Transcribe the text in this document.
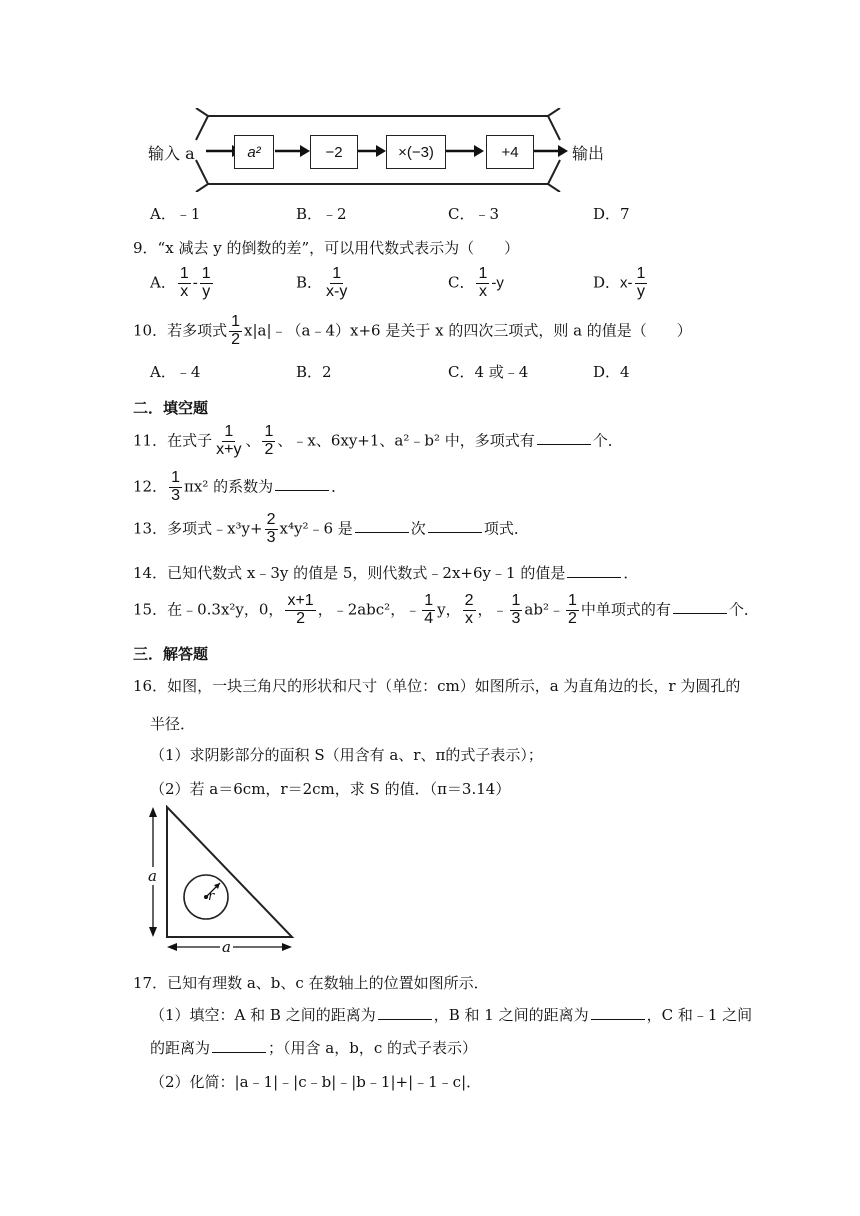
输入 a	a²	−2	×(−3)	+4	输出
A．﹣1	B．﹣2	C．﹣3	D．7
9．“x 减去 y 的倒数的差”，可以用代数式表示为（　　）
A． $\frac{1}{x} - \frac{1}{y}$	B． $\frac{1}{x-y}$	C． $\frac{1}{x} -y$	D．$x- \frac{1}{y}$
10．若多项式 $\frac{1}{2}$ x|a|﹣（a﹣4）x+6 是关于 x 的四次三项式，则 a 的值是（　　）
A．﹣4	B．2	C．4 或﹣4	D．4
二．填空题
11．在式子 $\frac{1}{x+y}$ 、 $\frac{1}{2}$ 、﹣x、6xy+1、a²﹣b² 中，多项式有	个．
12． $\frac{1}{3} \pi x^2$ 的系数为	．
13．多项式﹣x³y+ $\frac{2}{3}$ x⁴y²﹣6 是	次	项式．
14．已知代数式 x﹣3y 的值是 5，则代数式﹣2x+6y﹣1 的值是	．
15．在﹣0.3x²y，0， $\frac{x+1}{2}$ ，﹣2abc²，﹣ $\frac{1}{4}$ y， $\frac{2}{x}$ ，﹣ $\frac{1}{3}$ ab²﹣ $\frac{1}{2}$ 中单项式的有	个．
三．解答题
16．如图，一块三角尺的形状和尺寸（单位：cm）如图所示，a 为直角边的长，r 为圆孔的
半径．
（1）求阴影部分的面积 S（用含有 a、r、π的式子表示）；
（2）若 a＝6cm，r＝2cm，求 S 的值．（π＝3.14）
a
a
r
17．已知有理数 a、b、c 在数轴上的位置如图所示．
（1）填空：A 和 B 之间的距离为	，B 和 1 之间的距离为	，C 和﹣1 之间
的距离为	；（用含 a，b，c 的式子表示）
（2）化简：|a﹣1|﹣|c﹣b|﹣|b﹣1|+|﹣1﹣c|．
